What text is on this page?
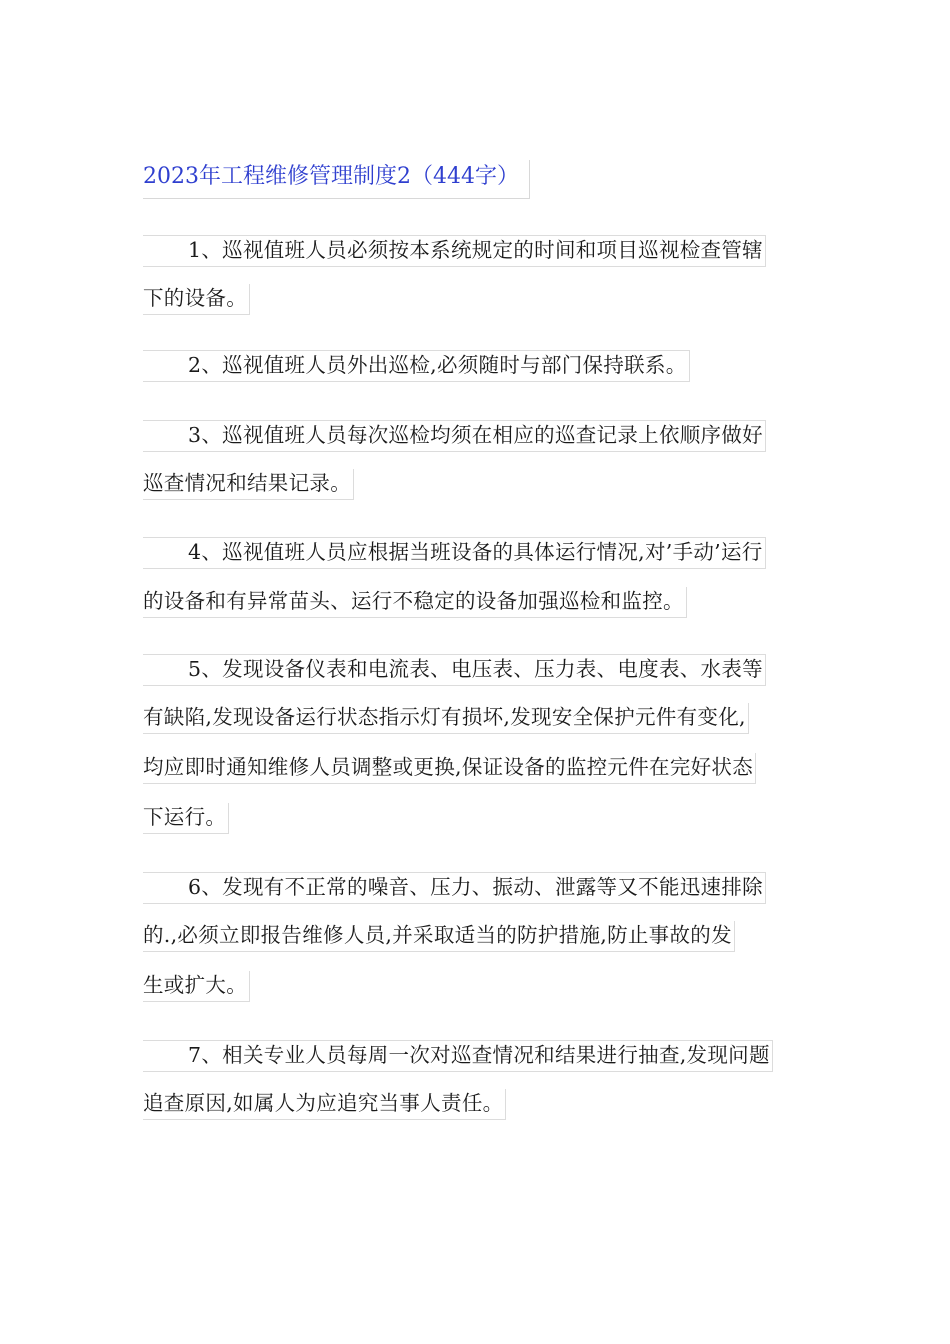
2023年工程维修管理制度2（444字）
1、巡视值班人员必须按本系统规定的时间和项目巡视检查管辖
下的设备。
2、巡视值班人员外出巡检,必须随时与部门保持联系。
3、巡视值班人员每次巡检均须在相应的巡查记录上依顺序做好
巡查情况和结果记录。
4、巡视值班人员应根据当班设备的具体运行情况,对’手动’运行
的设备和有异常苗头、运行不稳定的设备加强巡检和监控。
5、发现设备仪表和电流表、电压表、压力表、电度表、水表等
有缺陷,发现设备运行状态指示灯有损坏,发现安全保护元件有变化,
均应即时通知维修人员调整或更换,保证设备的监控元件在完好状态
下运行。
6、发现有不正常的噪音、压力、振动、泄露等又不能迅速排除
的.,必须立即报告维修人员,并采取适当的防护措施,防止事故的发
生或扩大。
7、相关专业人员每周一次对巡查情况和结果进行抽查,发现问题
追查原因,如属人为应追究当事人责任。
